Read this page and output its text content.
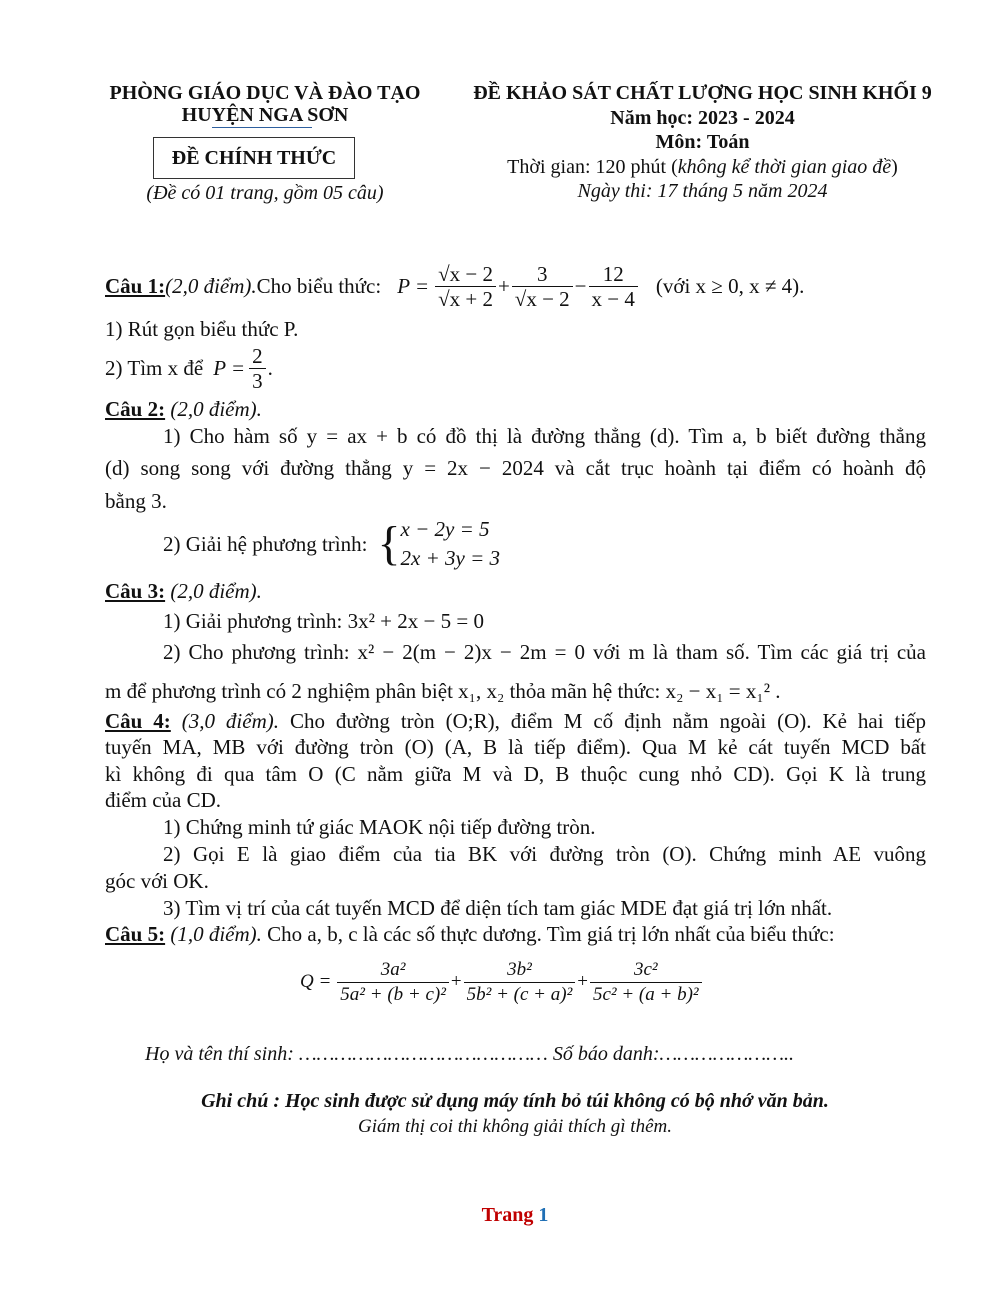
PHÒNG GIÁO DỤC VÀ ĐÀO TẠO
HUYỆN NGA SƠN
ĐỀ CHÍNH THỨC
(Đề có 01 trang, gồm 05 câu)
ĐỀ KHẢO SÁT CHẤT LƯỢNG HỌC SINH KHỐI 9
Năm học: 2023 - 2024
Môn: Toán
Thời gian: 120 phút (không kể thời gian giao đề)
Ngày thi: 17 tháng 5 năm 2024
Câu 1: (2,0 điểm). Cho biểu thức: $P = \frac{√x - 2}{√x + 2} + \frac{3}{√x - 2} - \frac{12}{x - 4}$ (với x ≥ 0, x ≠ 4).
1) Rút gọn biểu thức P.
2) Tìm x để $P = \frac{2}{3}$ .
Câu 2: (2,0 điểm).
1) Cho hàm số y = ax + b có đồ thị là đường thẳng (d). Tìm a, b biết đường thẳng
(d) song song với đường thẳng y = 2x − 2024 và cắt trục hoành tại điểm có hoành độ
bằng 3.
2) Giải hệ phương trình: { x − 2y = 5
2x + 3y = 3
Câu 3: (2,0 điểm).
1) Giải phương trình: 3x² + 2x − 5 = 0
2) Cho phương trình: x² − 2(m − 2)x − 2m = 0 với m là tham số. Tìm các giá trị của
m để phương trình có 2 nghiệm phân biệt x₁, x₂ thỏa mãn hệ thức: x₂ − x₁ = x₁² .
Câu 4: (3,0 điểm). Cho đường tròn (O;R), điểm M cố định nằm ngoài (O). Kẻ hai tiếp
tuyến MA, MB với đường tròn (O) (A, B là tiếp điểm). Qua M kẻ cát tuyến MCD bất
kì không đi qua tâm O (C nằm giữa M và D, B thuộc cung nhỏ CD). Gọi K là trung
điểm của CD.
1) Chứng minh tứ giác MAOK nội tiếp đường tròn.
2) Gọi E là giao điểm của tia BK với đường tròn (O). Chứng minh AE vuông
góc với OK.
3) Tìm vị trí của cát tuyến MCD để diện tích tam giác MDE đạt giá trị lớn nhất.
Câu 5: (1,0 điểm). Cho a, b, c là các số thực dương. Tìm giá trị lớn nhất của biểu thức:
$Q = \frac{\text{3a²}}{\text{5a² + (b + c)²}} + \frac{\text{3b²}}{\text{5b² + (c + a)²}} + \frac{\text{3c²}}{\text{5c² + (a + b)²}}$
Họ và tên thí sinh: …………………………………… Số báo danh:…………………..
Ghi chú : Học sinh được sử dụng máy tính bỏ túi không có bộ nhớ văn bản.
Giám thị coi thi không giải thích gì thêm.
Trang 1
